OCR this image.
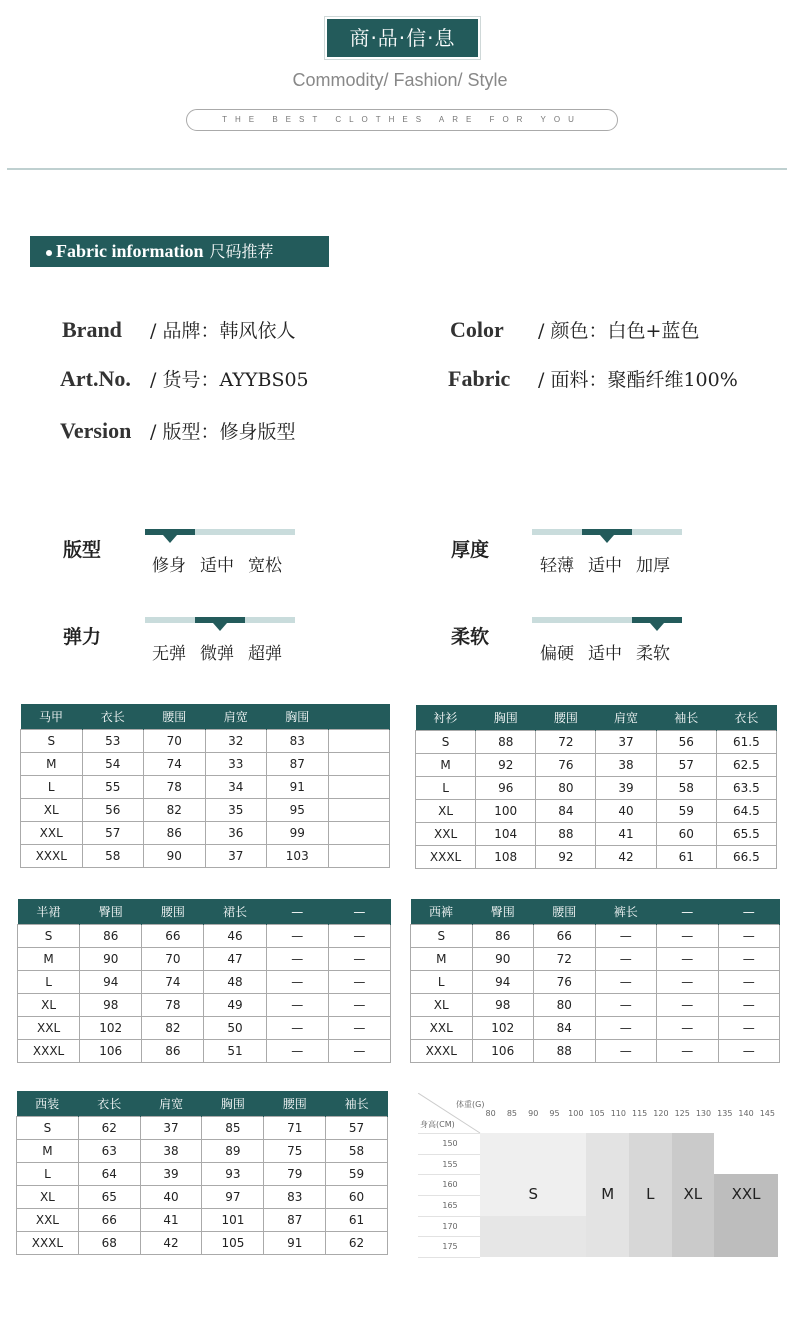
商·品·信·息
Commodity/ Fashion/ Style
THE BEST CLOTHES ARE FOR YOU
Fabric information 尺码推荐
Brand / 品牌：韩风依人
Art.No. / 货号：AYYBS05
Version / 版型：修身版型
Color / 颜色：白色+蓝色
Fabric / 面料：聚酯纤维100%
版型
修身 适中 宽松
厚度
轻薄 适中 加厚
弹力
无弹 微弹 超弹
柔软
偏硬 适中 柔软
马甲	衣长	腰围	肩宽	胸围	
S	53	70	32	83	
M	54	74	33	87	
L	55	78	34	91	
XL	56	82	35	95	
XXL	57	86	36	99	
XXXL	58	90	37	103	
衬衫	胸围	腰围	肩宽	袖长	衣长
S	88	72	37	56	61.5
M	92	76	38	57	62.5
L	96	80	39	58	63.5
XL	100	84	40	59	64.5
XXL	104	88	41	60	65.5
XXXL	108	92	42	61	66.5
半裙	臀围	腰围	裙长	—	—
S	86	66	46	—	—
M	90	70	47	—	—
L	94	74	48	—	—
XL	98	78	49	—	—
XXL	102	82	50	—	—
XXXL	106	86	51	—	—
西裤	臀围	腰围	裤长	—	—
S	86	66	—	—	—
M	90	72	—	—	—
L	94	76	—	—	—
XL	98	80	—	—	—
XXL	102	84	—	—	—
XXXL	106	88	—	—	—
西装	衣长	肩宽	胸围	腰围	袖长
S	62	37	85	71	57
M	63	38	89	75	58
L	64	39	93	79	59
XL	65	40	97	83	60
XXL	66	41	101	87	61
XXXL	68	42	105	91	62
体重(G)
身高(CM)
80	85	90	95	100 105 110 115 120 125 130 135 140 145
150
155
160
165
170
175
S	M	L	XL	XXL
